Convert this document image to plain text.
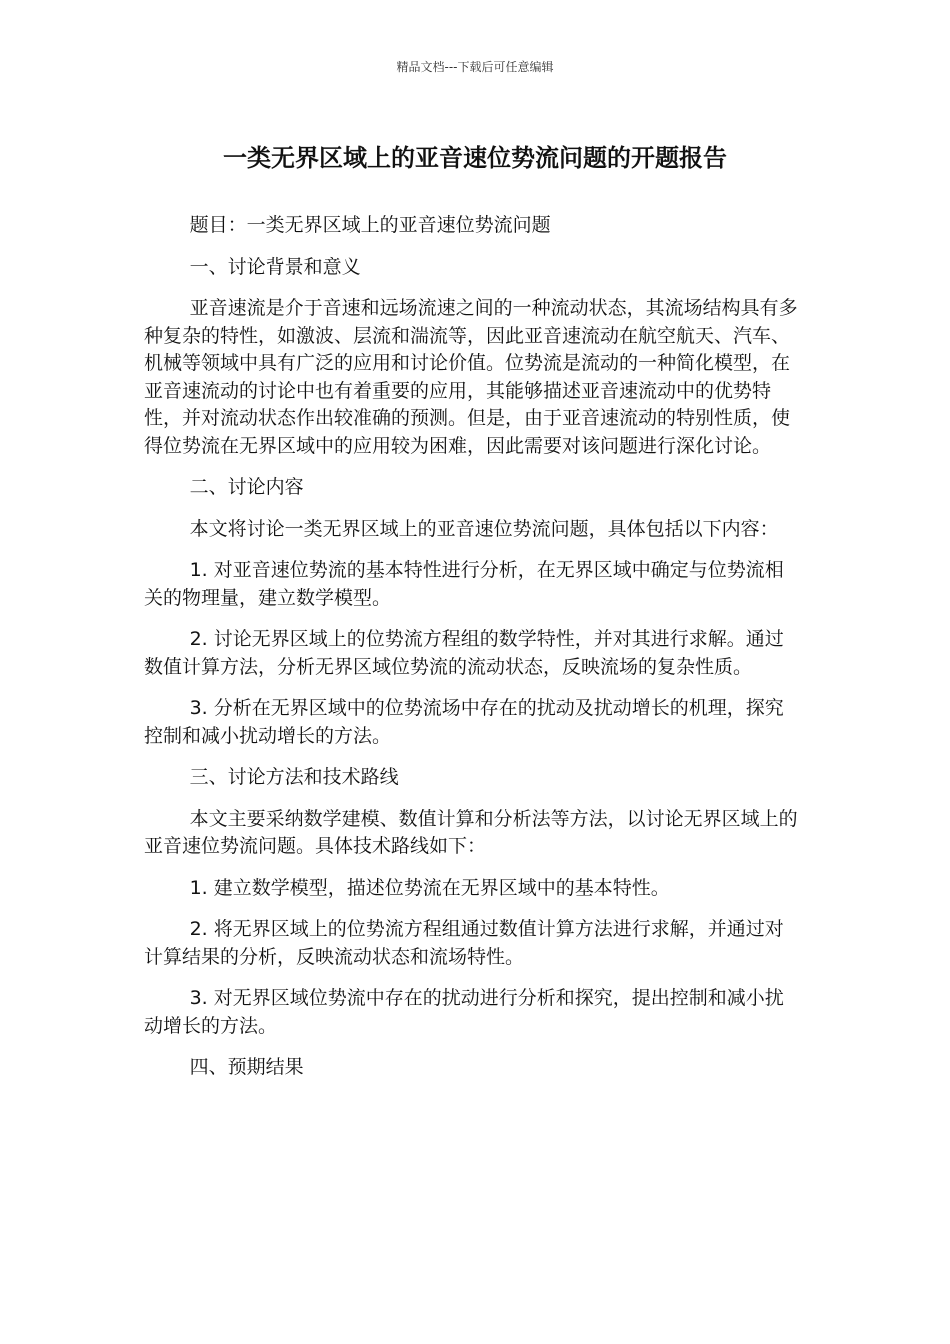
精品文档---下载后可任意编辑
一类无界区域上的亚音速位势流问题的开题报告

题目：一类无界区域上的亚音速位势流问题

一、讨论背景和意义

亚音速流是介于音速和远场流速之间的一种流动状态，其流场结构具有多种复杂的特性，如激波、层流和湍流等，因此亚音速流动在航空航天、汽车、机械等领域中具有广泛的应用和讨论价值。位势流是流动的一种简化模型，在亚音速流动的讨论中也有着重要的应用，其能够描述亚音速流动中的优势特性，并对流动状态作出较准确的预测。但是，由于亚音速流动的特别性质，使得位势流在无界区域中的应用较为困难，因此需要对该问题进行深化讨论。

二、讨论内容

本文将讨论一类无界区域上的亚音速位势流问题，具体包括以下内容：

1. 对亚音速位势流的基本特性进行分析，在无界区域中确定与位势流相关的物理量，建立数学模型。

2. 讨论无界区域上的位势流方程组的数学特性，并对其进行求解。通过数值计算方法，分析无界区域位势流的流动状态，反映流场的复杂性质。

3. 分析在无界区域中的位势流场中存在的扰动及扰动增长的机理，探究控制和减小扰动增长的方法。

三、讨论方法和技术路线

本文主要采纳数学建模、数值计算和分析法等方法，以讨论无界区域上的亚音速位势流问题。具体技术路线如下：

1. 建立数学模型，描述位势流在无界区域中的基本特性。

2. 将无界区域上的位势流方程组通过数值计算方法进行求解，并通过对计算结果的分析，反映流动状态和流场特性。

3. 对无界区域位势流中存在的扰动进行分析和探究，提出控制和减小扰动增长的方法。

四、预期结果
